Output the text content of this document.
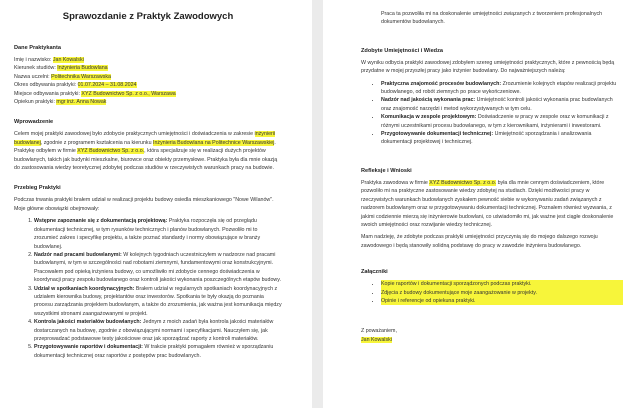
Sprawozdanie z Praktyk Zawodowych
Dane Praktykanta
Imię i nazwisko: Jan Kowalski
Kierunek studiów: Inżynieria Budowlana
Nazwa uczelni: Politechnika Warszawska
Okres odbywania praktyki: 01.07.2024 – 31.08.2024
Miejsce odbywania praktyki: XYZ Budownictwo Sp. z o.o., Warszawa
Opiekun praktyki: mgr inż. Anna Nowak
Wprowadzenie

Celem mojej praktyki zawodowej było zdobycie praktycznych umiejętności i doświadczenia w zakresie inżynierii budowlanej, zgodnie z programem kształcenia na kierunku Inżynieria Budowlana na Politechnice Warszawskiej. Praktykę odbyłem w firmie XYZ Budownictwo Sp. z o.o., która specjalizuje się w realizacji dużych projektów budowlanych, takich jak budynki mieszkalne, biurowce oraz obiekty przemysłowe. Praktyka była dla mnie okazją do zastosowania wiedzy teoretycznej zdobytej podczas studiów w rzeczywistych warunkach pracy na budowie.

Przebieg Praktyki

Podczas trwania praktyki brałem udział w realizacji projektu budowy osiedla mieszkaniowego "Nowe Wilanów". Moje główne obowiązki obejmowały:

1. Wstępne zapoznanie się z dokumentacją projektową: Praktyka rozpoczęła się od przeglądu dokumentacji technicznej, w tym rysunków technicznych i planów budowlanych. Pozwoliło mi to zrozumieć zakres i specyfikę projektu, a także poznać standardy i normy obowiązujące w branży budowlanej.
2. Nadzór nad pracami budowlanymi: W kolejnych tygodniach uczestniczyłem w nadzorze nad pracami budowlanymi, w tym w szczególności nad robotami ziemnymi, fundamentowymi oraz konstrukcyjnymi. Pracowałem pod opieką inżyniera budowy, co umożliwiło mi zdobycie cennego doświadczenia w koordynacji pracy zespołu budowlanego oraz kontroli jakości wykonania poszczególnych etapów budowy.
3. Udział w spotkaniach koordynacyjnych: Brałem udział w regularnych spotkaniach koordynacyjnych z udziałem kierownika budowy, projektantów oraz inwestorów. Spotkania te były okazją do poznania procesu zarządzania projektem budowlanym, a także do zrozumienia, jak ważna jest komunikacja między wszystkimi stronami zaangażowanymi w projekt.
4. Kontrola jakości materiałów budowlanych: Jednym z moich zadań była kontrola jakości materiałów dostarczanych na budowę, zgodnie z obowiązującymi normami i specyfikacjami. Nauczyłem się, jak przeprowadzać podstawowe testy jakościowe oraz jak sporządzać raporty z kontroli materiałów.
5. Przygotowywanie raportów i dokumentacji: W trakcie praktyki pomagałem również w sporządzaniu dokumentacji technicznej oraz raportów z postępów prac budowlanych.

Praca ta pozwoliła mi na doskonalenie umiejętności związanych z tworzeniem profesjonalnych dokumentów budowlanych.

Zdobyte Umiejętności i Wiedza

W wyniku odbycia praktyki zawodowej zdobyłem szereg umiejętności praktycznych, które z pewnością będą przydatne w mojej przyszłej pracy jako inżynier budowlany. Do najważniejszych należą:

• Praktyczna znajomość procesów budowlanych: Zrozumienie kolejnych etapów realizacji projektu budowlanego, od robót ziemnych po prace wykończeniowe.
• Nadzór nad jakością wykonania prac: Umiejętność kontroli jakości wykonania prac budowlanych oraz znajomość narzędzi i metod wykorzystywanych w tym celu.
• Komunikacja w zespole projektowym: Doświadczenie w pracy w zespole oraz w komunikacji z różnymi uczestnikami procesu budowlanego, w tym z kierownikami, inżynierami i inwestorami.
• Przygotowywanie dokumentacji technicznej: Umiejętność sporządzania i analizowania dokumentacji projektowej i technicznej.
Refleksje i Wnioski

Praktyka zawodowa w firmie XYZ Budownictwo Sp. z o.o. była dla mnie cennym doświadczeniem, które pozwoliło mi na praktyczne zastosowanie wiedzy zdobytej na studiach. Dzięki możliwości pracy w rzeczywistych warunkach budowlanych zyskałem pewność siebie w wykonywaniu zadań związanych z nadzorem budowlanym oraz w przygotowywaniu dokumentacji technicznej. Poznałem również wyzwania, z jakimi codziennie mierzą się inżynierowie budowlani, co uświadomiło mi, jak ważne jest ciągłe doskonalenie swoich umiejętności oraz rozwijanie wiedzy technicznej.

Mam nadzieję, że zdobyte podczas praktyki umiejętności przyczynią się do mojego dalszego rozwoju zawodowego i będą stanowiły solidną podstawę do pracy w zawodzie inżyniera budowlanego.

Załączniki
• Kopie raportów i dokumentacji sporządzonych podczas praktyki.
• Zdjęcia z budowy dokumentujące moje zaangażowanie w projekty.
• Opinie i referencje od opiekuna praktyki.
Z poważaniem,
Jan Kowalski
